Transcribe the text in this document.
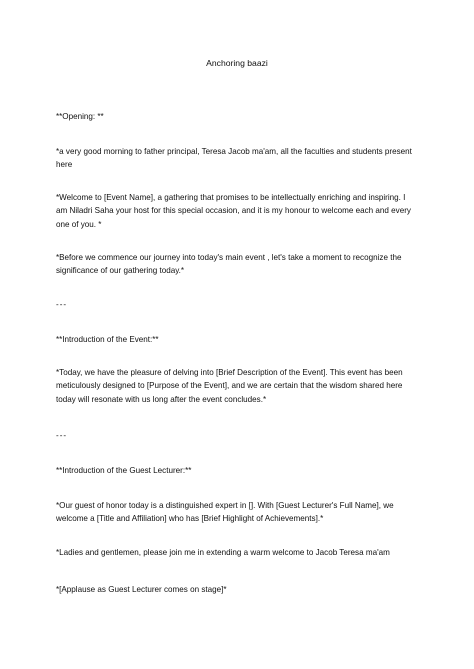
Anchoring baazi
**Opening: **
*a very good morning to father principal, Teresa Jacob ma'am, all the faculties and students present here
*Welcome to [Event Name], a gathering that promises to be intellectually enriching and inspiring. I am Niladri Saha your host for this special occasion, and it is my honour to welcome each and every one of you. *
*Before we commence our journey into today's main event , let's take a moment to recognize the significance of our gathering today.*
---
**Introduction of the Event:**
*Today, we have the pleasure of delving into [Brief Description of the Event]. This event has been meticulously designed to [Purpose of the Event], and we are certain that the wisdom shared here today will resonate with us long after the event concludes.*
---
**Introduction of the Guest Lecturer:**
*Our guest of honor today is a distinguished expert in []. With [Guest Lecturer's Full Name], we welcome a [Title and Affiliation] who has [Brief Highlight of Achievements].*
*Ladies and gentlemen, please join me in extending a warm welcome to Jacob Teresa ma'am
*[Applause as Guest Lecturer comes on stage]*
